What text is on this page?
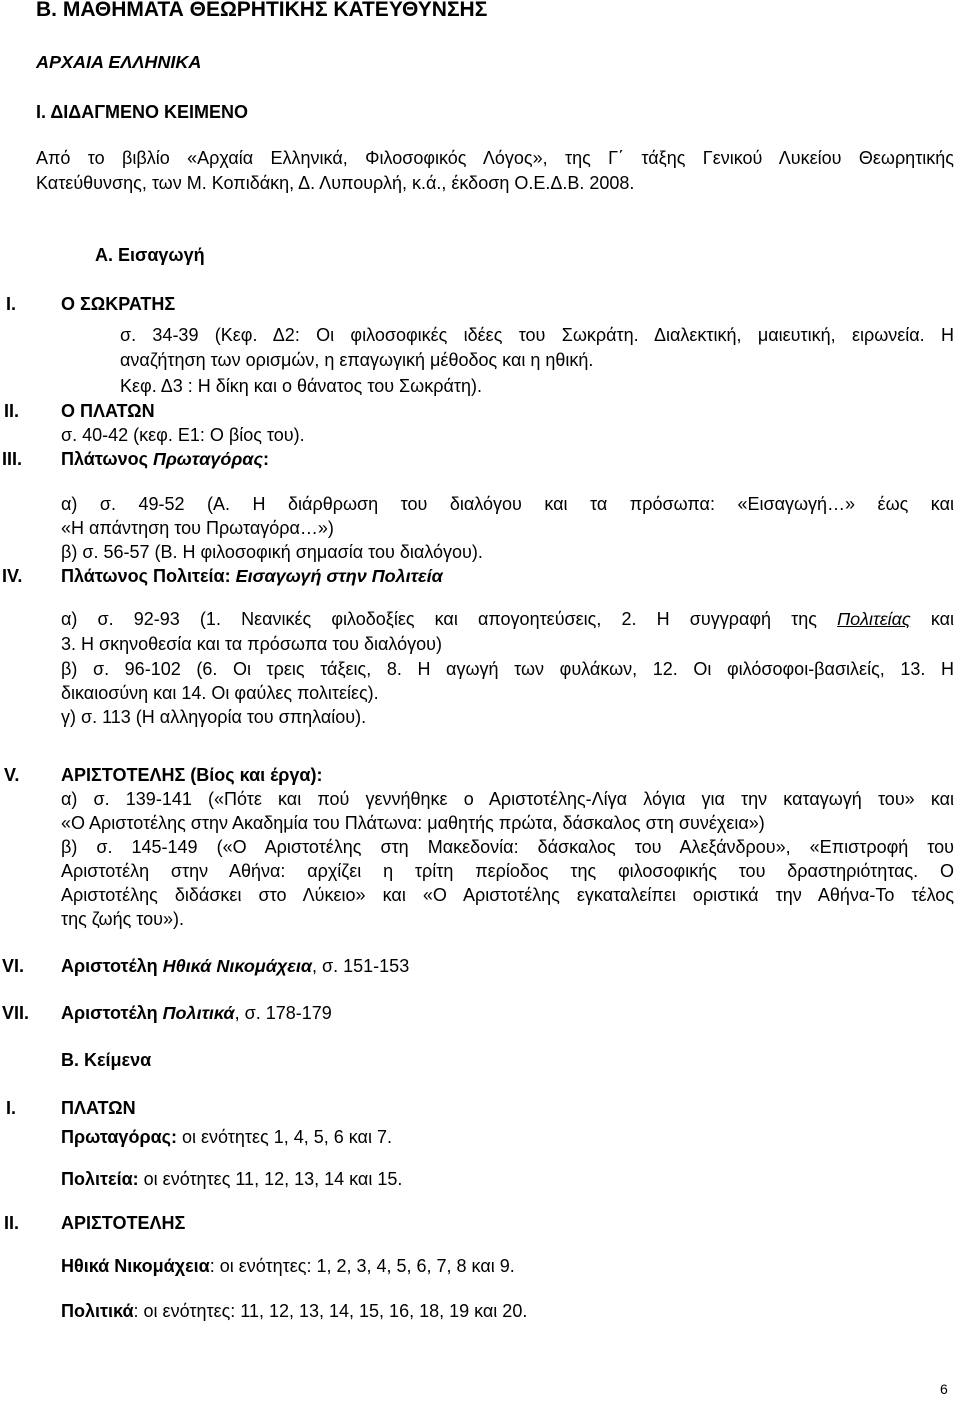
Β. ΜΑΘΗΜΑΤΑ ΘΕΩΡΗΤΙΚΗΣ ΚΑΤΕΥΘΥΝΣΗΣ
ΑΡΧΑΙΑ ΕΛΛΗΝΙΚΑ
Ι. ΔΙΔΑΓΜΕΝΟ ΚΕΙΜΕΝΟ
Από το βιβλίο «Αρχαία Ελληνικά, Φιλοσοφικός Λόγος», της Γ΄ τάξης Γενικού Λυκείου Θεωρητικής
Κατεύθυνσης, των Μ. Κοπιδάκη, Δ. Λυπουρλή, κ.ά., έκδοση Ο.Ε.Δ.Β. 2008.
Α. Εισαγωγή
I. Ο ΣΩΚΡΑΤΗΣ
σ. 34-39 (Κεφ. Δ2: Οι φιλοσοφικές ιδέες του Σωκράτη. Διαλεκτική, μαιευτική, ειρωνεία. Η
αναζήτηση των ορισμών, η επαγωγική μέθοδος και η ηθική.
Κεφ. Δ3 : Η δίκη και ο θάνατος του Σωκράτη).
II. Ο ΠΛΑΤΩΝ
σ. 40-42 (κεφ. Ε1: Ο βίος του).
III. Πλάτωνος Πρωταγόρας:
α) σ. 49-52 (Α. Η διάρθρωση του διαλόγου και τα πρόσωπα: «Εισαγωγή…» έως και
«Η απάντηση του Πρωταγόρα…»)
β) σ. 56-57 (Β. Η φιλοσοφική σημασία του διαλόγου).
IV. Πλάτωνος Πολιτεία: Εισαγωγή στην Πολιτεία
α) σ. 92-93 (1. Νεανικές φιλοδοξίες και απογοητεύσεις, 2. Η συγγραφή της Πολιτείας και
3. Η σκηνοθεσία και τα πρόσωπα του διαλόγου)
β) σ. 96-102 (6. Οι τρεις τάξεις, 8. Η αγωγή των φυλάκων, 12. Οι φιλόσοφοι-βασιλείς, 13. Η
δικαιοσύνη και 14. Οι φαύλες πολιτείες).
γ) σ. 113 (Η αλληγορία του σπηλαίου).
V. ΑΡΙΣΤΟΤΕΛΗΣ (Βίος και έργα):
α) σ. 139-141 («Πότε και πού γεννήθηκε ο Αριστοτέλης-Λίγα λόγια για την καταγωγή του» και
«Ο Αριστοτέλης στην Ακαδημία του Πλάτωνα: μαθητής πρώτα, δάσκαλος στη συνέχεια»)
β) σ. 145-149 («Ο Αριστοτέλης στη Μακεδονία: δάσκαλος του Αλεξάνδρου», «Επιστροφή του
Αριστοτέλη στην Αθήνα: αρχίζει η τρίτη περίοδος της φιλοσοφικής του δραστηριότητας. Ο
Αριστοτέλης διδάσκει στο Λύκειο» και «Ο Αριστοτέλης εγκαταλείπει οριστικά την Αθήνα-Το τέλος
της ζωής του»).
VI. Αριστοτέλη Ηθικά Νικομάχεια, σ. 151-153
VII. Αριστοτέλη Πολιτικά, σ. 178-179
Β. Κείμενα
I. ΠΛΑΤΩΝ
Πρωταγόρας: οι ενότητες 1, 4, 5, 6 και 7.
Πολιτεία: οι ενότητες 11, 12, 13, 14 και 15.
II. ΑΡΙΣΤΟΤΕΛΗΣ
Ηθικά Νικομάχεια: οι ενότητες: 1, 2, 3, 4, 5, 6, 7, 8 και 9.
Πολιτικά: οι ενότητες: 11, 12, 13, 14, 15, 16, 18, 19 και 20.
6
